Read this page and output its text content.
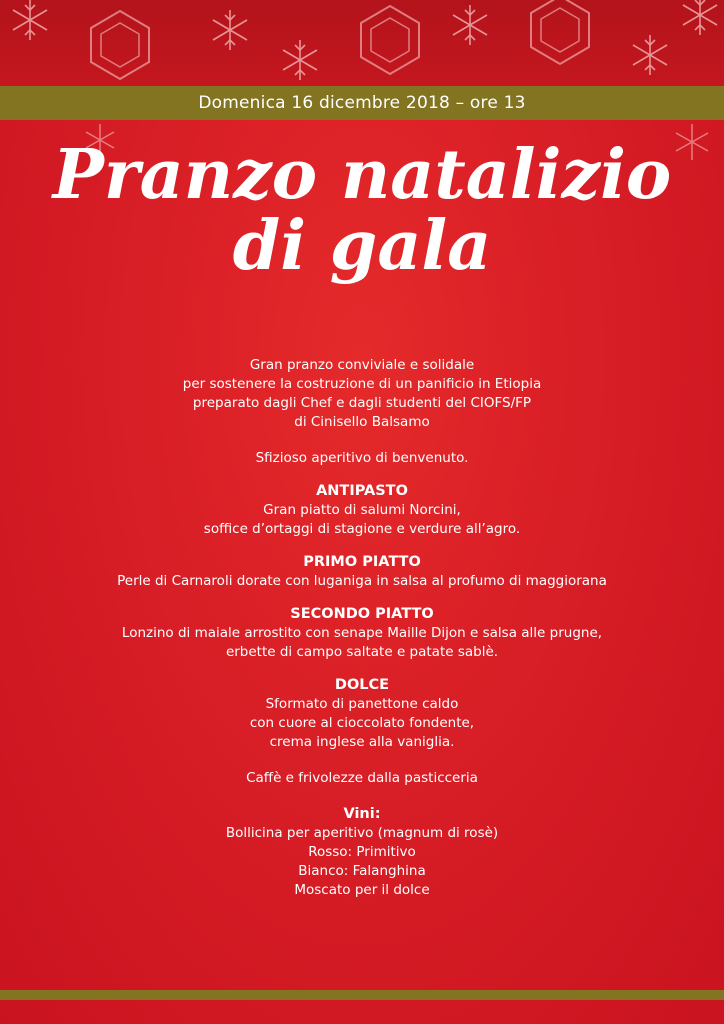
Domenica 16 dicembre 2018 – ore 13
Pranzo natalizio
di gala
Gran pranzo conviviale e solidale
per sostenere la costruzione di un panificio in Etiopia
preparato dagli Chef e dagli studenti del CIOFS/FP
di Cinisello Balsamo
Sfizioso aperitivo di benvenuto.
ANTIPASTO
Gran piatto di salumi Norcini,
soffice d’ortaggi di stagione e verdure all’agro.
PRIMO PIATTO
Perle di Carnaroli dorate con luganiga in salsa al profumo di maggiorana
SECONDO PIATTO
Lonzino di maiale arrostito con senape Maille Dijon e salsa alle prugne,
erbette di campo saltate e patate sablè.
DOLCE
Sformato di panettone caldo
con cuore al cioccolato fondente,
crema inglese alla vaniglia.
Caffè e frivolezze dalla pasticceria
Vini:
Bollicina per aperitivo (magnum di rosè)
Rosso: Primitivo
Bianco: Falanghina
Moscato per il dolce
